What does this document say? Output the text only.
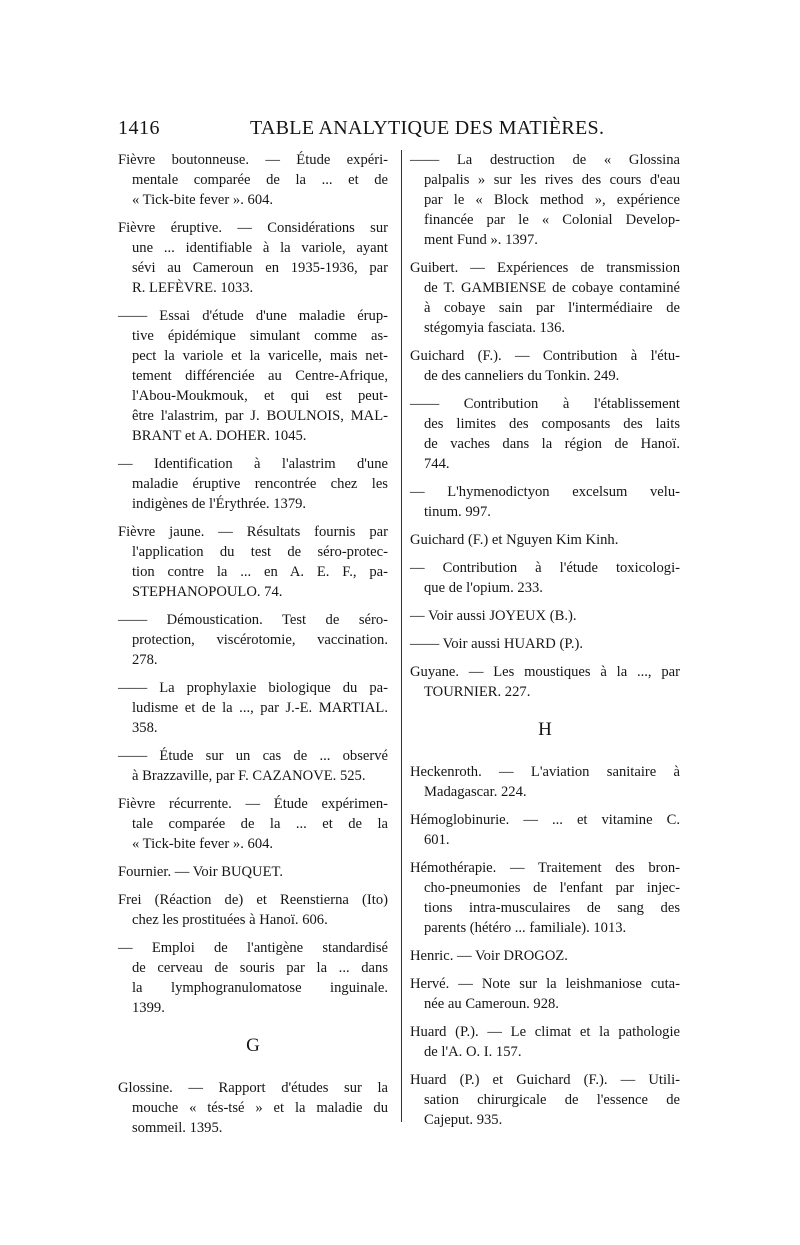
1416	TABLE ANALYTIQUE DES MATIÈRES.
Fièvre boutonneuse. — Étude expéri-
mentale comparée de la ... et de
« Tick-bite fever ». 604.
Fièvre éruptive. — Considérations sur
une ... identifiable à la variole, ayant
sévi au Cameroun en 1935-1936, par
R. LEFÈVRE. 1033.
—— Essai d'étude d'une maladie érup-
tive épidémique simulant comme as-
pect la variole et la varicelle, mais net-
tement différenciée au Centre-Afrique,
l'Abou-Moukmouk, et qui est peut-
être l'alastrim, par J. BOULNOIS, MAL-
BRANT et A. DOHER. 1045.
— Identification à l'alastrim d'une
maladie éruptive rencontrée chez les
indigènes de l'Érythrée. 1379.
Fièvre jaune. — Résultats fournis par
l'application du test de séro-protec-
tion contre la ... en A. E. F., pa-
STEPHANOPOULO. 74.
—— Démoustication. Test de séro-
protection, viscérotomie, vaccination.
278.
—— La prophylaxie biologique du pa-
ludisme et de la ..., par J.-E. MARTIAL.
358.
—— Étude sur un cas de ... observé
à Brazzaville, par F. CAZANOVE. 525.
Fièvre récurrente. — Étude expérimen-
tale comparée de la ... et de la
« Tick-bite fever ». 604.
Fournier. — Voir BUQUET.
Frei (Réaction de) et Reenstierna (Ito)
chez les prostituées à Hanoï. 606.
— Emploi de l'antigène standardisé
de cerveau de souris par la ... dans
la lymphogranulomatose inguinale.
1399.
G
Glossine. — Rapport d'études sur la
mouche « tés-tsé » et la maladie du
sommeil. 1395.
—— La destruction de « Glossina
palpalis » sur les rives des cours d'eau
par le « Block method », expérience
financée par le « Colonial Develop-
ment Fund ». 1397.
Guibert. — Expériences de transmission
de T. GAMBIENSE de cobaye contaminé
à cobaye sain par l'intermédiaire de
stégomyia fasciata. 136.
Guichard (F.). — Contribution à l'étu-
de des canneliers du Tonkin. 249.
—— Contribution à l'établissement
des limites des composants des laits
de vaches dans la région de Hanoï.
744.
— L'hymenodictyon excelsum velu-
tinum. 997.
Guichard (F.) et Nguyen Kim Kinh.
— Contribution à l'étude toxicologi-
que de l'opium. 233.
— Voir aussi JOYEUX (B.).
—— Voir aussi HUARD (P.).
Guyane. — Les moustiques à la ..., par
TOURNIER. 227.
H
Heckenroth. — L'aviation sanitaire à
Madagascar. 224.
Hémoglobinurie. — ... et vitamine C.
601.
Hémothérapie. — Traitement des bron-
cho-pneumonies de l'enfant par injec-
tions intra-musculaires de sang des
parents (hétéro ... familiale). 1013.
Henric. — Voir DROGOZ.
Hervé. — Note sur la leishmaniose cuta-
née au Cameroun. 928.
Huard (P.). — Le climat et la pathologie
de l'A. O. I. 157.
Huard (P.) et Guichard (F.). — Utili-
sation chirurgicale de l'essence de
Cajeput. 935.
